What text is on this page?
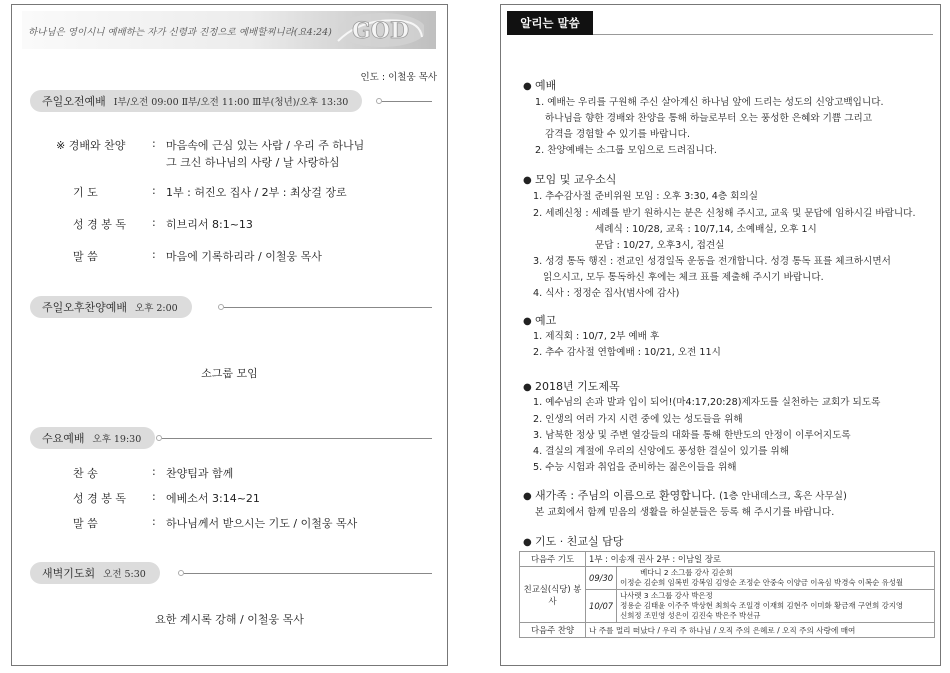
하나님은 영이시니 예배하는 자가 신령과 진정으로 예배할찌니라(요4:24) GOD
인도 : 이철웅 목사
주일오전예배 Ⅰ부/오전 09:00 Ⅱ부/오전 11:00 Ⅲ부(청년)/오후 13:30
※ 경배와 찬양	: 마음속에 근심 있는 사람 / 우리 주 하나님
그 크신 하나님의 사랑 / 날 사랑하심
기 도	: 1부 : 허진오 집사 / 2부 : 최상걸 장로
성 경 봉 독	: 히브리서 8:1~13
말 씀	: 마음에 기록하리라 / 이철웅 목사
주일오후찬양예배 오후 2:00
소그룹 모임
수요예배 오후 19:30
찬 송	: 찬양팀과 함께
성 경 봉 독	: 에베소서 3:14~21
말 씀	: 하나님께서 받으시는 기도 / 이철웅 목사
새벽기도회 오전 5:30
요한 계시록 강해 / 이철웅 목사
알리는 말씀
● 예배
1. 예배는 우리를 구원해 주신 살아계신 하나님 앞에 드리는 성도의 신앙고백입니다.
하나님을 향한 경배와 찬양을 통해 하늘로부터 오는 풍성한 은혜와 기쁨 그리고
감격을 경험할 수 있기를 바랍니다.
2. 찬양예배는 소그룹 모임으로 드려집니다.
● 모임 및 교우소식
1. 추수감사절 준비위원 모임 : 오후 3:30, 4층 회의실
2. 세례신청 : 세례를 받기 원하시는 분은 신청해 주시고, 교육 및 문답에 임하시길 바랍니다.
세례식 : 10/28, 교육 : 10/7,14, 소예배실, 오후 1시
문답 : 10/27, 오후3시, 접견실
3. 성경 통독 행진 : 전교인 성경일독 운동을 전개합니다. 성경 통독 표를 체크하시면서
읽으시고, 모두 통독하신 후에는 체크 표를 제출해 주시기 바랍니다.
4. 식사 : 정정순 집사(범사에 감사)
● 예고
1. 제직회 : 10/7, 2부 예배 후
2. 추수 감사절 연합예배 : 10/21, 오전 11시
● 2018년 기도제목
1. 예수님의 손과 발과 입이 되어!(마4:17,20:28)제자도를 실천하는 교회가 되도록
2. 인생의 여러 가지 시련 중에 있는 성도들을 위해
3. 남북한 정상 및 주변 열강들의 대화를 통해 한반도의 안정이 이루어지도록
4. 결실의 계절에 우리의 신앙에도 풍성한 결실이 있기를 위해
5. 수능 시험과 취업을 준비하는 젊은이들을 위해
● 새가족 : 주님의 이름으로 환영합니다. (1층 안내데스크, 혹은 사무실)
본 교회에서 함께 믿음의 생활을 하실분들은 등록 해 주시기를 바랍니다.
● 기도 · 친교실 담당
다음주 기도	1부 : 이송재 권사 2부 : 이남일 장로	
친교실(식당) 봉사	09/30	베다니 2 소그룹 강사 김순희
이정순 김순희 임복빈 강복임 김영순 조정순 안중숙 이양금 이옥심 박경숙 이복순 유성월

	10/07	나사렛 3 소그룹 강사 박은정
정용순 김태윤 이주주 박상현 최희숙 조일경 이재희 김현주 이미화 황금재 구연희 강지영
신희정 조민영 성은이 김진숙 박은주 박선규

다음주 찬양	나 주를 멀리 떠났다 / 우리 주 하나님 / 오직 주의 은혜로 / 오직 주의 사랑에 매여	
